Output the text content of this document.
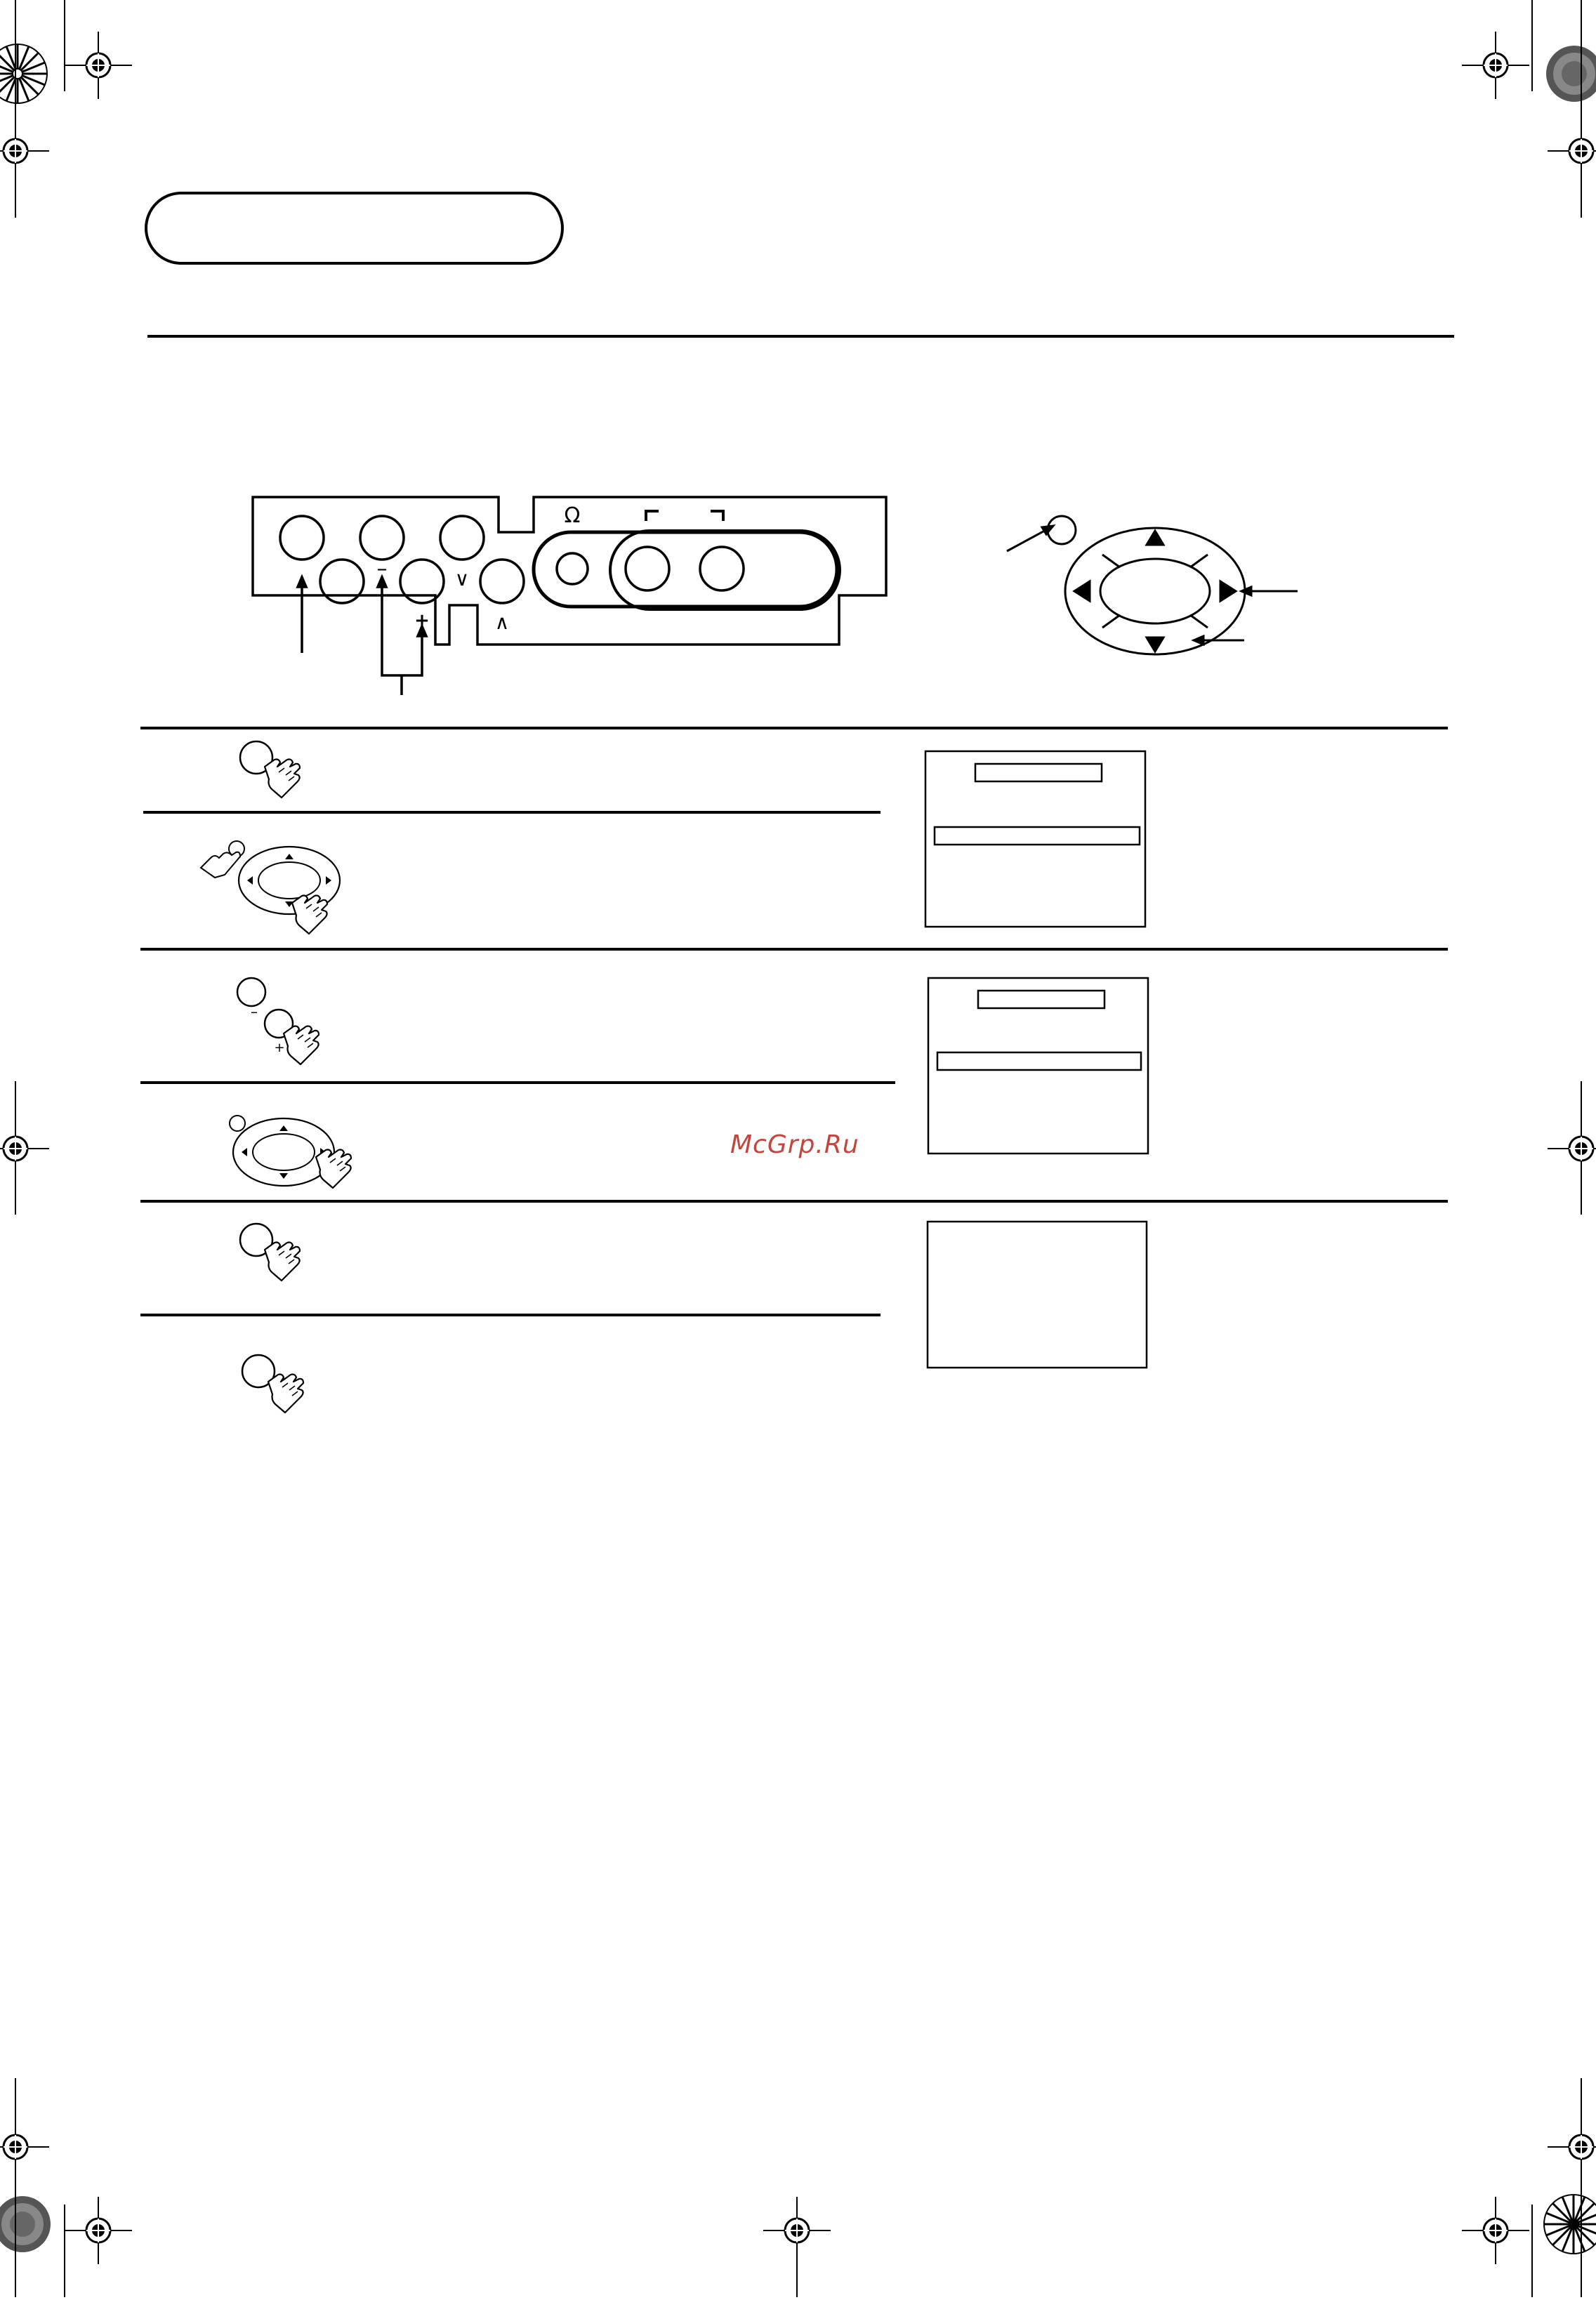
–
+
∨
∧
Ω
–
+
McGrp.Ru
